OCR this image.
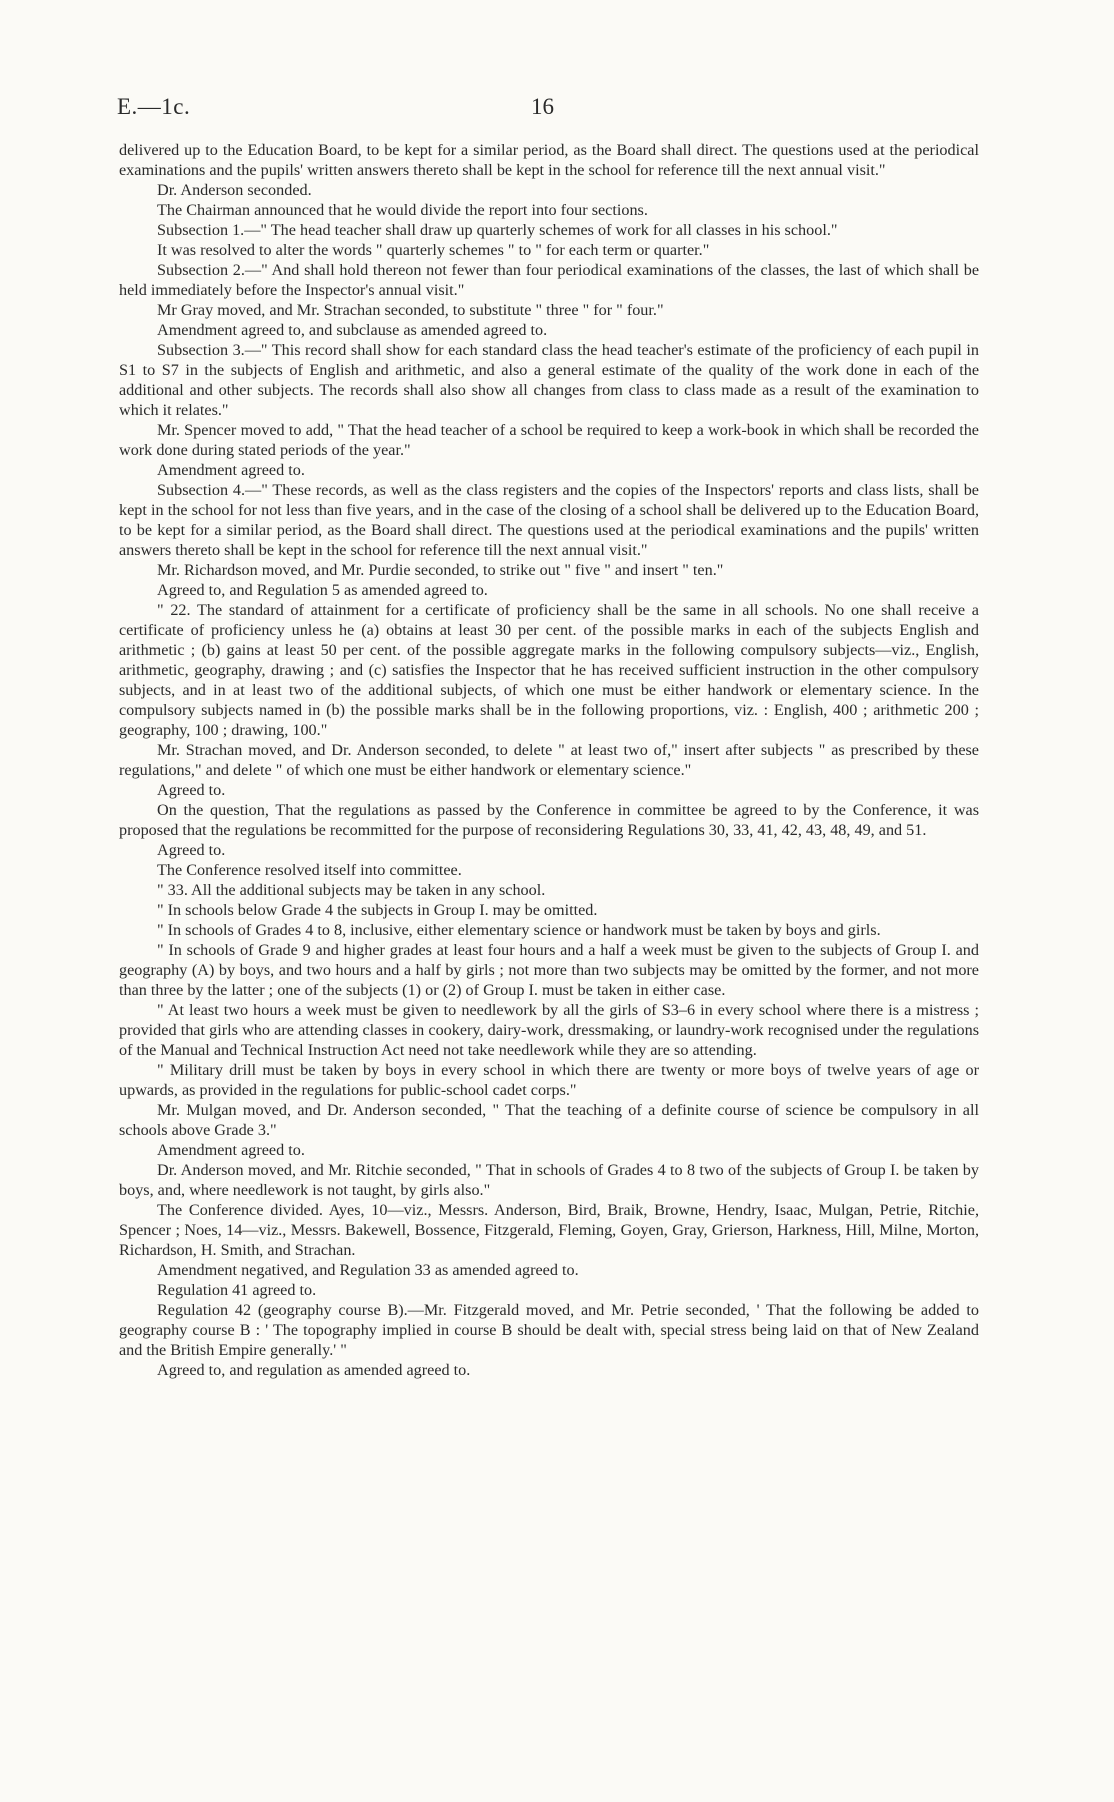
E.—1c.	16

delivered up to the Education Board, to be kept for a similar period, as the Board shall direct. The questions used at the periodical examinations and the pupils' written answers thereto shall be kept in the school for reference till the next annual visit."

Dr. Anderson seconded.

The Chairman announced that he would divide the report into four sections.

Subsection 1.—" The head teacher shall draw up quarterly schemes of work for all classes in his school."

It was resolved to alter the words " quarterly schemes " to " for each term or quarter."

Subsection 2.—" And shall hold thereon not fewer than four periodical examinations of the classes, the last of which shall be held immediately before the Inspector's annual visit."

Mr Gray moved, and Mr. Strachan seconded, to substitute " three " for " four."

Amendment agreed to, and subclause as amended agreed to.

Subsection 3.—" This record shall show for each standard class the head teacher's estimate of the proficiency of each pupil in S1 to S7 in the subjects of English and arithmetic, and also a general estimate of the quality of the work done in each of the additional and other subjects. The records shall also show all changes from class to class made as a result of the examination to which it relates."

Mr. Spencer moved to add, " That the head teacher of a school be required to keep a work-book in which shall be recorded the work done during stated periods of the year."

Amendment agreed to.

Subsection 4.—" These records, as well as the class registers and the copies of the Inspectors' reports and class lists, shall be kept in the school for not less than five years, and in the case of the closing of a school shall be delivered up to the Education Board, to be kept for a similar period, as the Board shall direct. The questions used at the periodical examinations and the pupils' written answers thereto shall be kept in the school for reference till the next annual visit."

Mr. Richardson moved, and Mr. Purdie seconded, to strike out " five " and insert " ten."

Agreed to, and Regulation 5 as amended agreed to.

" 22. The standard of attainment for a certificate of proficiency shall be the same in all schools. No one shall receive a certificate of proficiency unless he (a) obtains at least 30 per cent. of the possible marks in each of the subjects English and arithmetic ; (b) gains at least 50 per cent. of the possible aggregate marks in the following compulsory subjects—viz., English, arithmetic, geography, drawing ; and (c) satisfies the Inspector that he has received sufficient instruction in the other compulsory subjects, and in at least two of the additional subjects, of which one must be either handwork or elementary science. In the compulsory subjects named in (b) the possible marks shall be in the following proportions, viz. : English, 400 ; arithmetic 200 ; geography, 100 ; drawing, 100."

Mr. Strachan moved, and Dr. Anderson seconded, to delete " at least two of," insert after subjects " as prescribed by these regulations," and delete " of which one must be either handwork or elementary science."

Agreed to.

On the question, That the regulations as passed by the Conference in committee be agreed to by the Conference, it was proposed that the regulations be recommitted for the purpose of reconsidering Regulations 30, 33, 41, 42, 43, 48, 49, and 51.

Agreed to.

The Conference resolved itself into committee.

" 33. All the additional subjects may be taken in any school.

" In schools below Grade 4 the subjects in Group I. may be omitted.

" In schools of Grades 4 to 8, inclusive, either elementary science or handwork must be taken by boys and girls.

" In schools of Grade 9 and higher grades at least four hours and a half a week must be given to the subjects of Group I. and geography (A) by boys, and two hours and a half by girls ; not more than two subjects may be omitted by the former, and not more than three by the latter ; one of the subjects (1) or (2) of Group I. must be taken in either case.

" At least two hours a week must be given to needlework by all the girls of S3–6 in every school where there is a mistress ; provided that girls who are attending classes in cookery, dairy-work, dressmaking, or laundry-work recognised under the regulations of the Manual and Technical Instruction Act need not take needlework while they are so attending.

" Military drill must be taken by boys in every school in which there are twenty or more boys of twelve years of age or upwards, as provided in the regulations for public-school cadet corps."

Mr. Mulgan moved, and Dr. Anderson seconded, " That the teaching of a definite course of science be compulsory in all schools above Grade 3."

Amendment agreed to.

Dr. Anderson moved, and Mr. Ritchie seconded, " That in schools of Grades 4 to 8 two of the subjects of Group I. be taken by boys, and, where needlework is not taught, by girls also."

The Conference divided. Ayes, 10—viz., Messrs. Anderson, Bird, Braik, Browne, Hendry, Isaac, Mulgan, Petrie, Ritchie, Spencer ; Noes, 14—viz., Messrs. Bakewell, Bossence, Fitzgerald, Fleming, Goyen, Gray, Grierson, Harkness, Hill, Milne, Morton, Richardson, H. Smith, and Strachan.

Amendment negatived, and Regulation 33 as amended agreed to.

Regulation 41 agreed to.

Regulation 42 (geography course B).—Mr. Fitzgerald moved, and Mr. Petrie seconded, ' That the following be added to geography course B : ' The topography implied in course B should be dealt with, special stress being laid on that of New Zealand and the British Empire generally.' "

Agreed to, and regulation as amended agreed to.
